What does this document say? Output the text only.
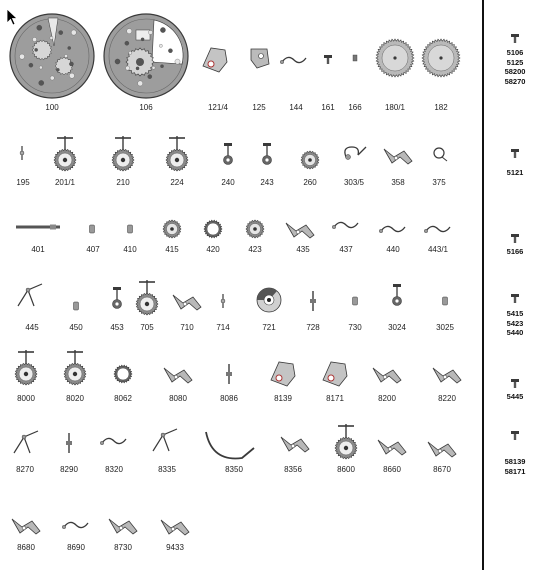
100	106	121/4	125	144	161	166	180/1	182
195	201/1	210	224	240	243	260	303/5	358	375
401	407	410	415	420	423	435	437	440	443/1
445	450	453	705	710	714	721	728	730	3024	3025
8000	8020	8062	8080	8086	8139	8171	8200	8220
8270	8290	8320	8335	8350	8356	8600	8660	8670
8680	8690	8730	9433
5106
5125
58200
58270
5121
5166
5415
5423
5440
5445
58139
58171
